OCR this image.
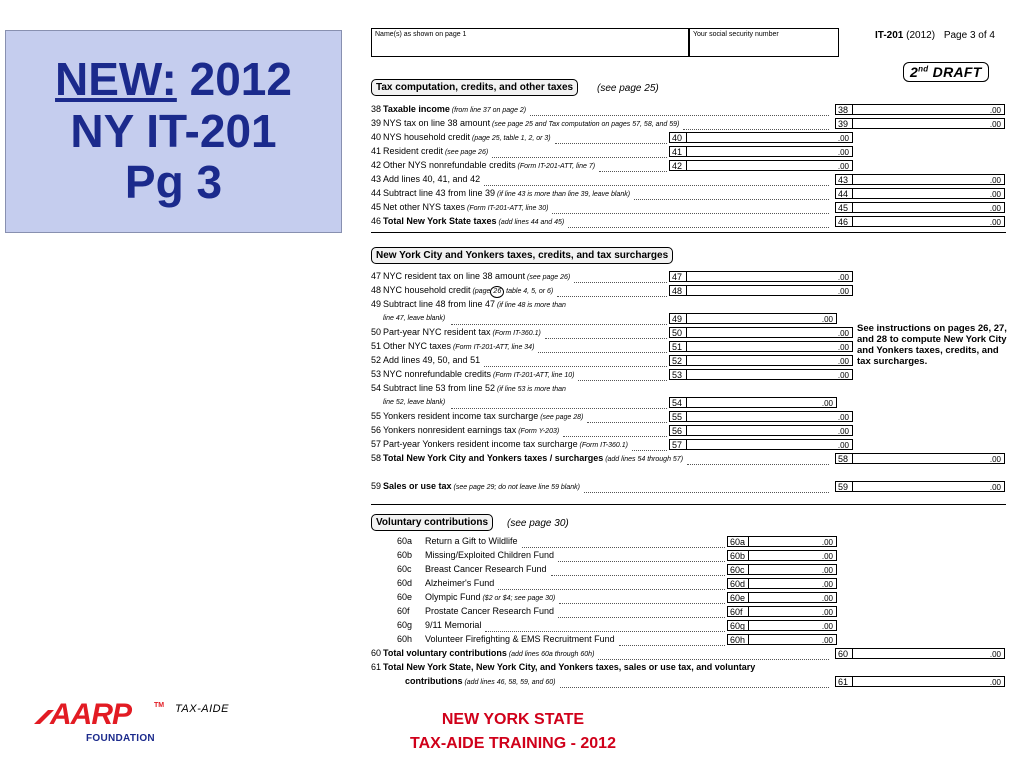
NEW: 2012
NY IT-201
Pg 3
AARP	TM
FOUNDATION
TAX-AIDE
NEW YORK STATE
TAX-AIDE TRAINING - 2012
Name(s) as shown on page 1	Your social security number	IT-201 (2012) Page 3 of 4
2nd DRAFT
Tax computation, credits, and other taxes	(see page 25)
38 Taxable income (from line 37 on page 2)	38	.00
39 NYS tax on line 38 amount (see page 25 and Tax computation on pages 57, 58, and 59)	39	.00
40 NYS household credit (page 25, table 1, 2, or 3)	40	.00
41 Resident credit (see page 26)	41	.00
42 Other NYS nonrefundable credits (Form IT-201-ATT, line 7)	42	.00
43 Add lines 40, 41, and 42	43	.00
44 Subtract line 43 from line 39 (if line 43 is more than line 39, leave blank)	44	.00
45 Net other NYS taxes (Form IT-201-ATT, line 30)	45	.00
46 Total New York State taxes (add lines 44 and 45)	46	.00
New York City and Yonkers taxes, credits, and tax surcharges
47 NYC resident tax on line 38 amount (see page 26)	47	.00
48 NYC household credit (page 26 table 4, 5, or 6)	48	.00
49 Subtract line 48 from line 47 (if line 48 is more than
line 47, leave blank)	49	.00
50 Part-year NYC resident tax (Form IT-360.1)	50	.00
51 Other NYC taxes (Form IT-201-ATT, line 34)	51	.00
52 Add lines 49, 50, and 51	52	.00
53 NYC nonrefundable credits (Form IT-201-ATT, line 10)	53	.00
54 Subtract line 53 from line 52 (if line 53 is more than
line 52, leave blank)	54	.00
55 Yonkers resident income tax surcharge (see page 28)	55	.00
56 Yonkers nonresident earnings tax (Form Y-203)	56	.00
57 Part-year Yonkers resident income tax surcharge (Form IT-360.1)	57	.00
58 Total New York City and Yonkers taxes / surcharges (add lines 54 through 57)	58	.00
59 Sales or use tax (see page 29; do not leave line 59 blank)	59	.00
See instructions on pages 26, 27, and 28 to compute New York City and Yonkers taxes, credits, and tax surcharges.
Voluntary contributions	(see page 30)
60a Return a Gift to Wildlife	60a	.00
60b Missing/Exploited Children Fund	60b	.00
60c Breast Cancer Research Fund	60c	.00
60d Alzheimer's Fund	60d	.00
60e Olympic Fund ($2 or $4; see page 30)	60e	.00
60f Prostate Cancer Research Fund	60f	.00
60g 9/11 Memorial	60g	.00
60h Volunteer Firefighting & EMS Recruitment Fund	60h	.00
60 Total voluntary contributions (add lines 60a through 60h)	60	.00
61 Total New York State, New York City, and Yonkers taxes, sales or use tax, and voluntary
contributions (add lines 46, 58, 59, and 60)	61	.00
